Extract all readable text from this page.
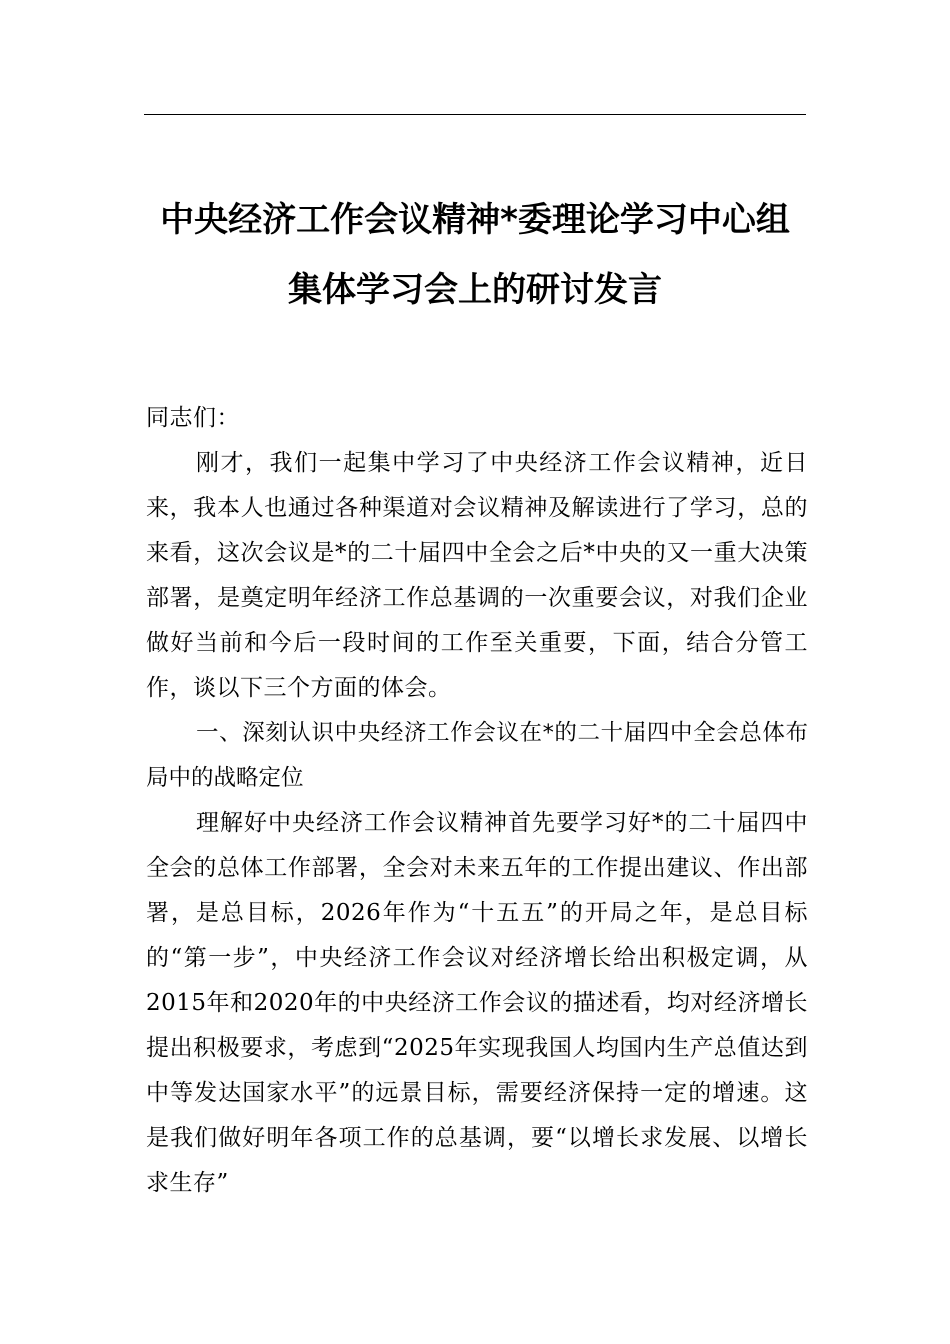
中央经济工作会议精神*委理论学习中心组
集体学习会上的研讨发言
同志们：
刚才，我们一起集中学习了中央经济工作会议精神，近日来，我本人也通过各种渠道对会议精神及解读进行了学习，总的来看，这次会议是*的二十届四中全会之后*中央的又一重大决策部署，是奠定明年经济工作总基调的一次重要会议，对我们企业做好当前和今后一段时间的工作至关重要，下面，结合分管工作，谈以下三个方面的体会。
一、深刻认识中央经济工作会议在*的二十届四中全会总体布局中的战略定位
理解好中央经济工作会议精神首先要学习好*的二十届四中全会的总体工作部署，全会对未来五年的工作提出建议、作出部署，是总目标，2026年作为“十五五”的开局之年，是总目标的“第一步”，中央经济工作会议对经济增长给出积极定调，从2015年和2020年的中央经济工作会议的描述看，均对经济增长提出积极要求，考虑到“2025年实现我国人均国内生产总值达到中等发达国家水平”的远景目标，需要经济保持一定的增速。这是我们做好明年各项工作的总基调，要“以增长求发展、以增长求生存”
